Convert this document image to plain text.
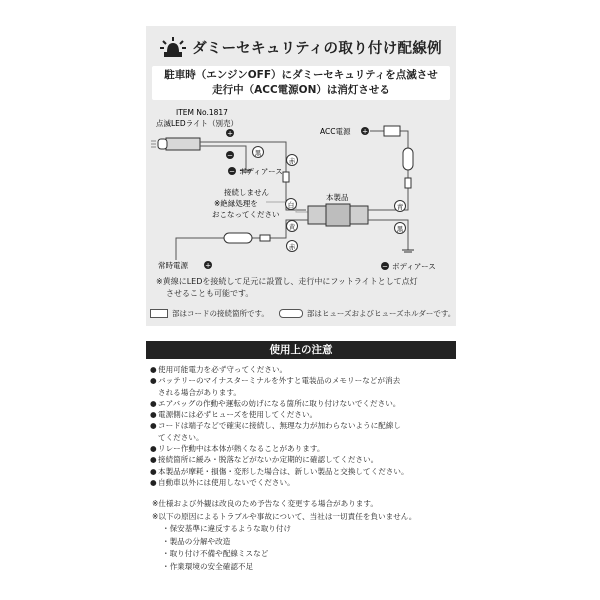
ダミーセキュリティの取り付け配線例
駐車時（エンジンOFF）にダミーセキュリティを点滅させ
走行中（ACC電源ON）は消灯させる
ITEM No.1817
点滅LEDライト（別売）
+
−	黒
− ボディアース
赤
接続しません
※絶縁処理を
おこなってください
白
本製品
黄
赤
常時電源 +
ACC電源 +
青
黒
− ボディアース
※黄線にLEDを接続して足元に設置し、走行中にフットライトとして点灯
させることも可能です。
部はコードの接続箇所です。	部はヒューズおよびヒューズホルダーです。
使用上の注意
● 使用可能電力を必ず守ってください。
● バッテリーのマイナスターミナルを外すと電装品のメモリーなどが消去
される場合があります。
● エアバッグの作動や運転の妨げになる箇所に取り付けないでください。
● 電源側には必ずヒューズを使用してください。
● コードは端子などで確実に接続し、無理な力が加わらないように配線し
てください。
● リレー作動中は本体が熱くなることがあります。
● 接続箇所に緩み・脱落などがないか定期的に確認してください。
● 本製品が摩耗・損傷・変形した場合は、新しい製品と交換してください。
● 自動車以外には使用しないでください。
※仕様および外観は改良のため予告なく変更する場合があります。
※以下の原因によるトラブルや事故について、当社は一切責任を負いません。
・保安基準に違反するような取り付け
・製品の分解や改造
・取り付け不備や配線ミスなど
・作業環境の安全確認不足
